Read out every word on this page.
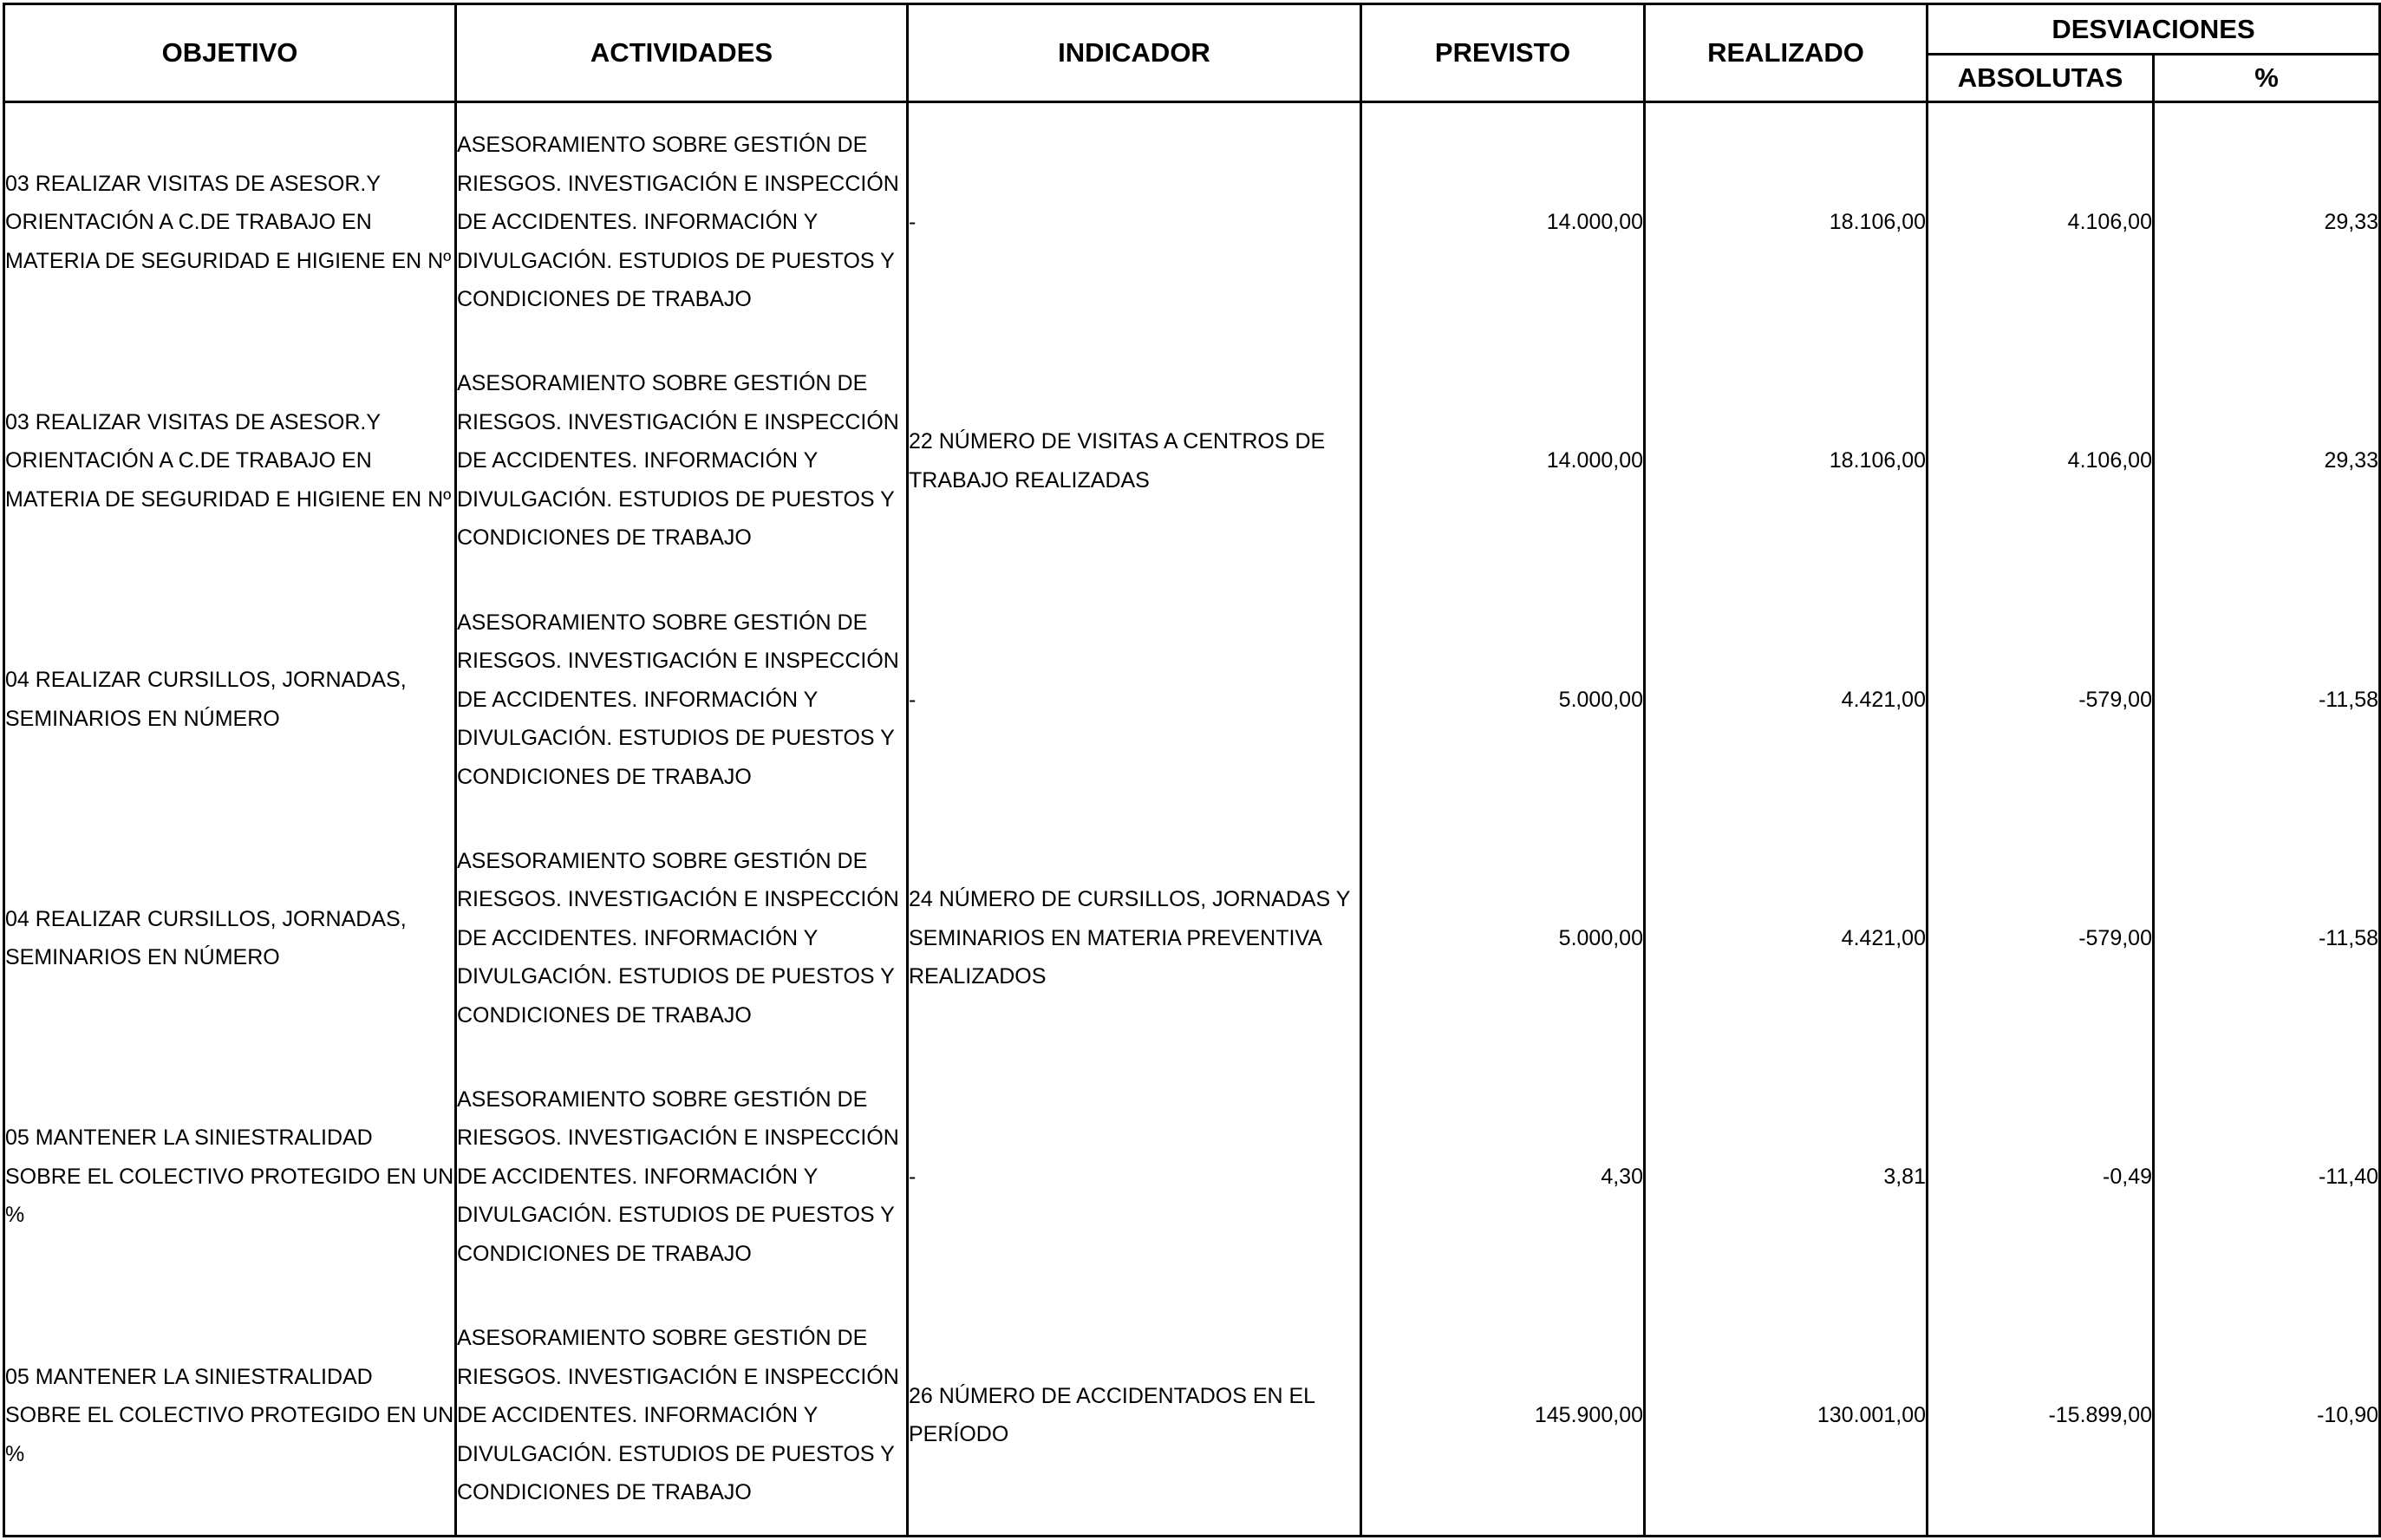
OBJETIVO	ACTIVIDADES	INDICADOR	PREVISTO	REALIZADO	DESVIACIONES	
					ABSOLUTAS	%
03 REALIZAR VISITAS DE ASESOR.Y ORIENTACIÓN A C.DE TRABAJO EN MATERIA DE SEGURIDAD E HIGIENE EN Nº	ASESORAMIENTO SOBRE GESTIÓN DE RIESGOS. INVESTIGACIÓN E INSPECCIÓN DE ACCIDENTES. INFORMACIÓN Y DIVULGACIÓN. ESTUDIOS DE PUESTOS Y CONDICIONES DE TRABAJO	-	14.000,00	18.106,00	4.106,00	29,33
03 REALIZAR VISITAS DE ASESOR.Y ORIENTACIÓN A C.DE TRABAJO EN MATERIA DE SEGURIDAD E HIGIENE EN Nº	ASESORAMIENTO SOBRE GESTIÓN DE RIESGOS. INVESTIGACIÓN E INSPECCIÓN DE ACCIDENTES. INFORMACIÓN Y DIVULGACIÓN. ESTUDIOS DE PUESTOS Y CONDICIONES DE TRABAJO	22 NÚMERO DE VISITAS A CENTROS DE TRABAJO REALIZADAS	14.000,00	18.106,00	4.106,00	29,33
04 REALIZAR CURSILLOS, JORNADAS, SEMINARIOS EN NÚMERO	ASESORAMIENTO SOBRE GESTIÓN DE RIESGOS. INVESTIGACIÓN E INSPECCIÓN DE ACCIDENTES. INFORMACIÓN Y DIVULGACIÓN. ESTUDIOS DE PUESTOS Y CONDICIONES DE TRABAJO	-	5.000,00	4.421,00	-579,00	-11,58
04 REALIZAR CURSILLOS, JORNADAS, SEMINARIOS EN NÚMERO	ASESORAMIENTO SOBRE GESTIÓN DE RIESGOS. INVESTIGACIÓN E INSPECCIÓN DE ACCIDENTES. INFORMACIÓN Y DIVULGACIÓN. ESTUDIOS DE PUESTOS Y CONDICIONES DE TRABAJO	24 NÚMERO DE CURSILLOS, JORNADAS Y SEMINARIOS EN MATERIA PREVENTIVA REALIZADOS	5.000,00	4.421,00	-579,00	-11,58
05 MANTENER LA SINIESTRALIDAD SOBRE EL COLECTIVO PROTEGIDO EN UN %	ASESORAMIENTO SOBRE GESTIÓN DE RIESGOS. INVESTIGACIÓN E INSPECCIÓN DE ACCIDENTES. INFORMACIÓN Y DIVULGACIÓN. ESTUDIOS DE PUESTOS Y CONDICIONES DE TRABAJO	-	4,30	3,81	-0,49	-11,40
05 MANTENER LA SINIESTRALIDAD SOBRE EL COLECTIVO PROTEGIDO EN UN %	ASESORAMIENTO SOBRE GESTIÓN DE RIESGOS. INVESTIGACIÓN E INSPECCIÓN DE ACCIDENTES. INFORMACIÓN Y DIVULGACIÓN. ESTUDIOS DE PUESTOS Y CONDICIONES DE TRABAJO	26 NÚMERO DE ACCIDENTADOS EN EL PERÍODO	145.900,00	130.001,00	-15.899,00	-10,90
